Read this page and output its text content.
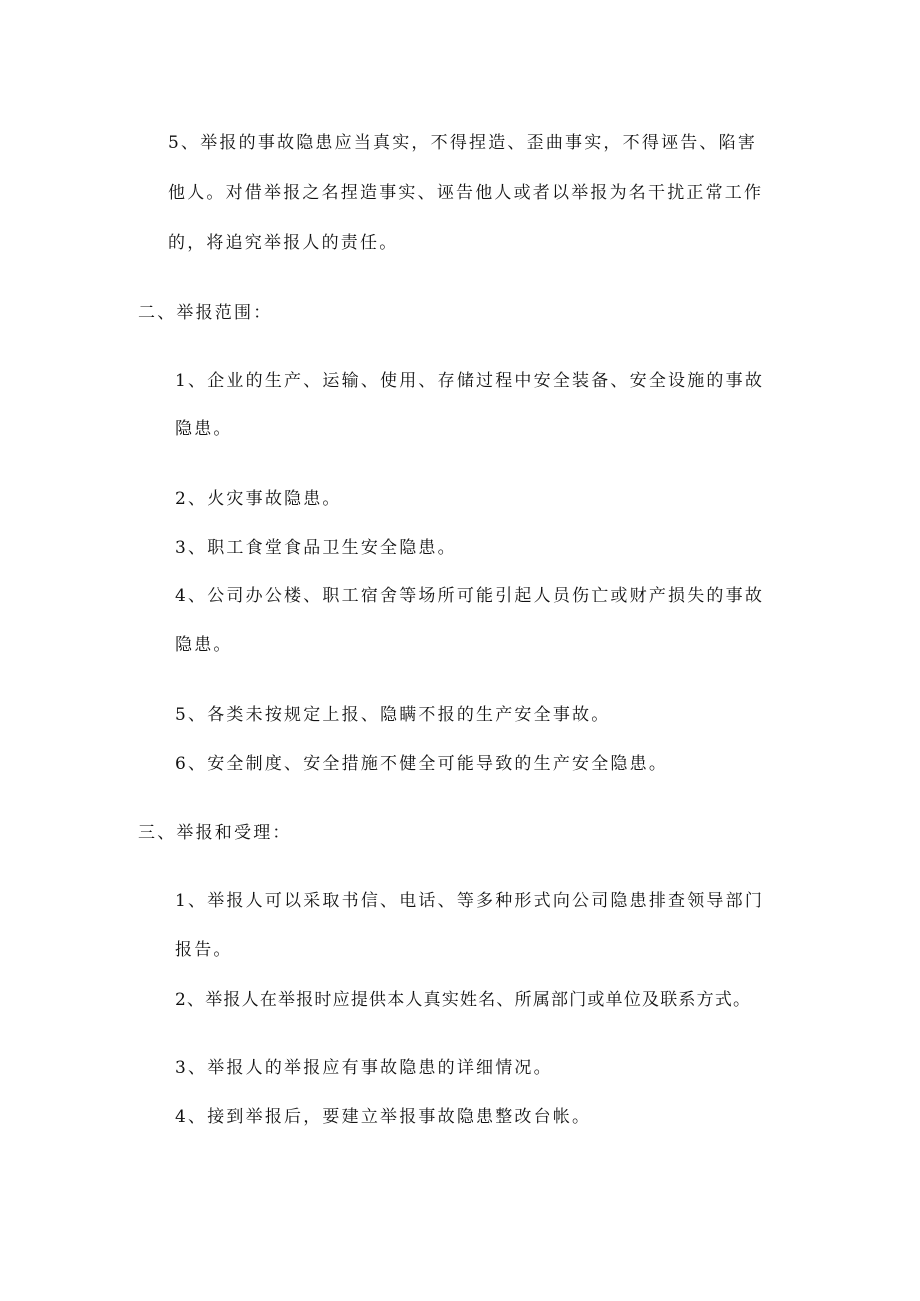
5、举报的事故隐患应当真实，不得捏造、歪曲事实，不得诬告、陷害
他人。对借举报之名捏造事实、诬告他人或者以举报为名干扰正常工作
的，将追究举报人的责任。
二、举报范围：
1、企业的生产、运输、使用、存储过程中安全装备、安全设施的事故
隐患。
2、火灾事故隐患。
3、职工食堂食品卫生安全隐患。
4、公司办公楼、职工宿舍等场所可能引起人员伤亡或财产损失的事故
隐患。
5、各类未按规定上报、隐瞒不报的生产安全事故。
6、安全制度、安全措施不健全可能导致的生产安全隐患。
三、举报和受理：
1、举报人可以采取书信、电话、等多种形式向公司隐患排查领导部门
报告。
2、举报人在举报时应提供本人真实姓名、所属部门或单位及联系方式。
3、举报人的举报应有事故隐患的详细情况。
4、接到举报后，要建立举报事故隐患整改台帐。
